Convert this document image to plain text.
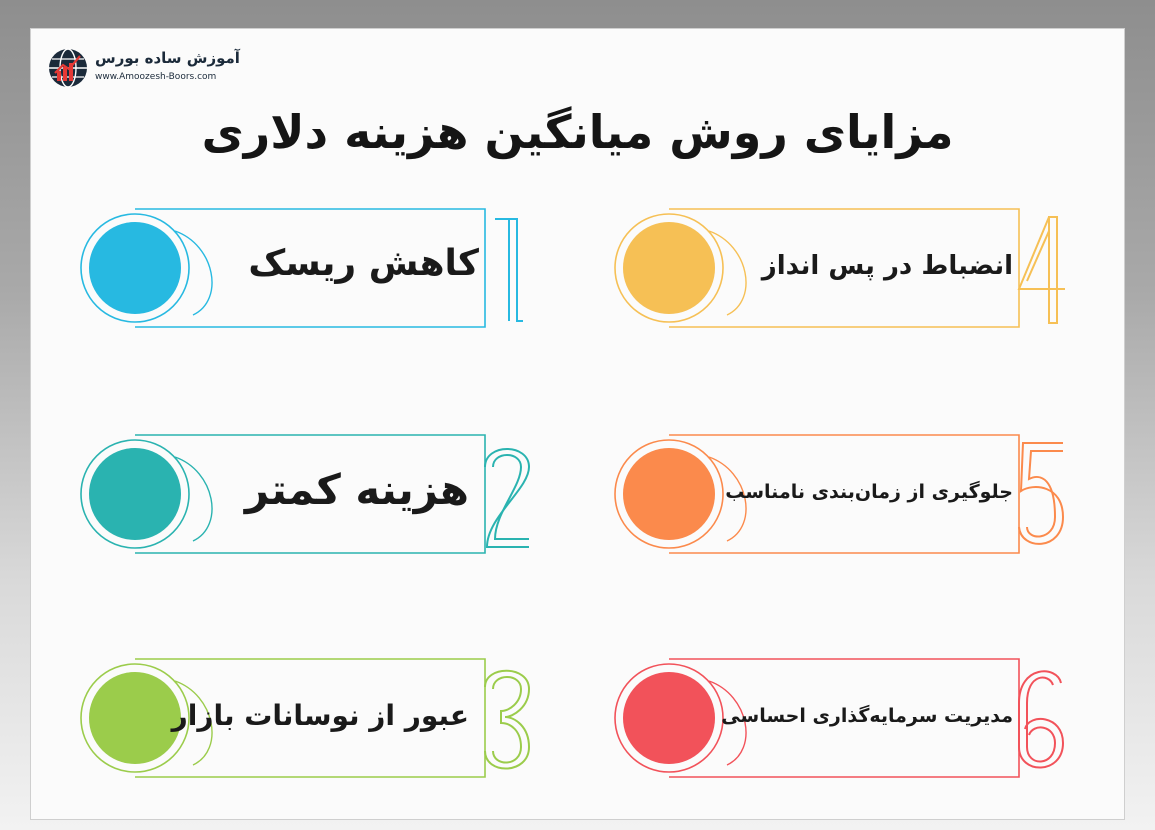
آموزش ساده بورس
www.Amoozesh-Boors.com
مزایای روش میانگین هزینه دلاری
کاهش ریسک
هزینه کمتر
عبور از نوسانات بازار
انضباط در پس انداز
جلوگیری از زمان‌بندی نامناسب
مدیریت سرمایه‌گذاری احساسی
